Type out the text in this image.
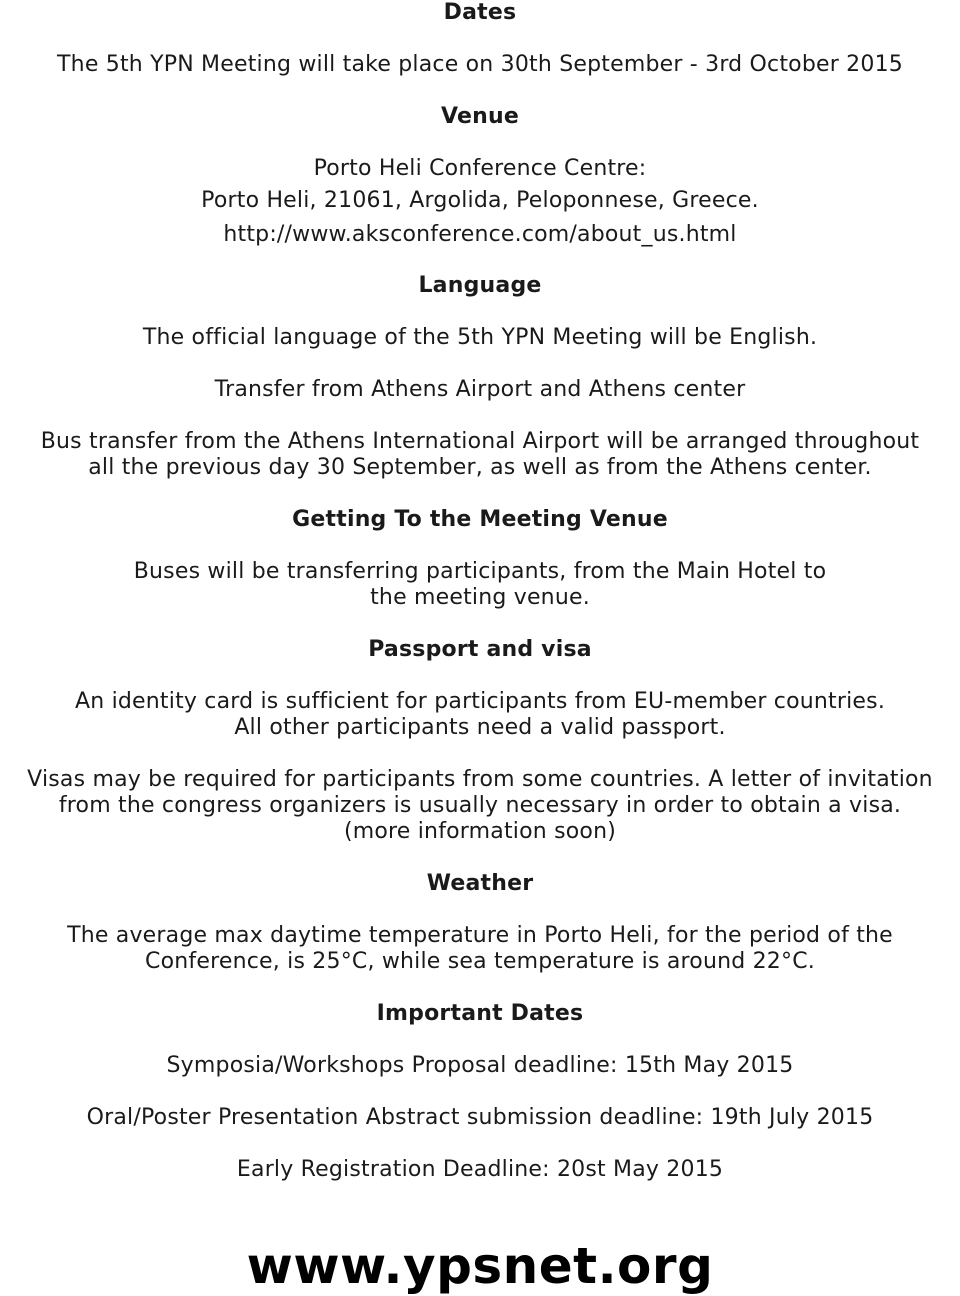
Dates

The 5th YPN Meeting will take place on 30th September - 3rd October 2015

Venue

Porto Heli Conference Centre:

Porto Heli, 21061, Argolida, Peloponnese, Greece.

http://www.aksconference.com/about_us.html

Language

The official language of the 5th YPN Meeting will be English.

Transfer from Athens Airport and Athens center

Bus transfer from the Athens International Airport will be arranged throughout

all the previous day 30 September, as well as from the Athens center.

Getting To the Meeting Venue

Buses will be transferring participants, from the Main Hotel to

the meeting venue.

Passport and visa

An identity card is sufficient for participants from EU-member countries.

All other participants need a valid passport.

Visas may be required for participants from some countries. A letter of invitation

from the congress organizers is usually necessary in order to obtain a visa.

(more information soon)

Weather

The average max daytime temperature in Porto Heli, for the period of the

Conference, is 25°C, while sea temperature is around 22°C.

Important Dates

Symposia/Workshops Proposal deadline: 15th May 2015

Oral/Poster Presentation Abstract submission deadline: 19th July 2015

Early Registration Deadline: 20st May 2015

www.ypsnet.org
